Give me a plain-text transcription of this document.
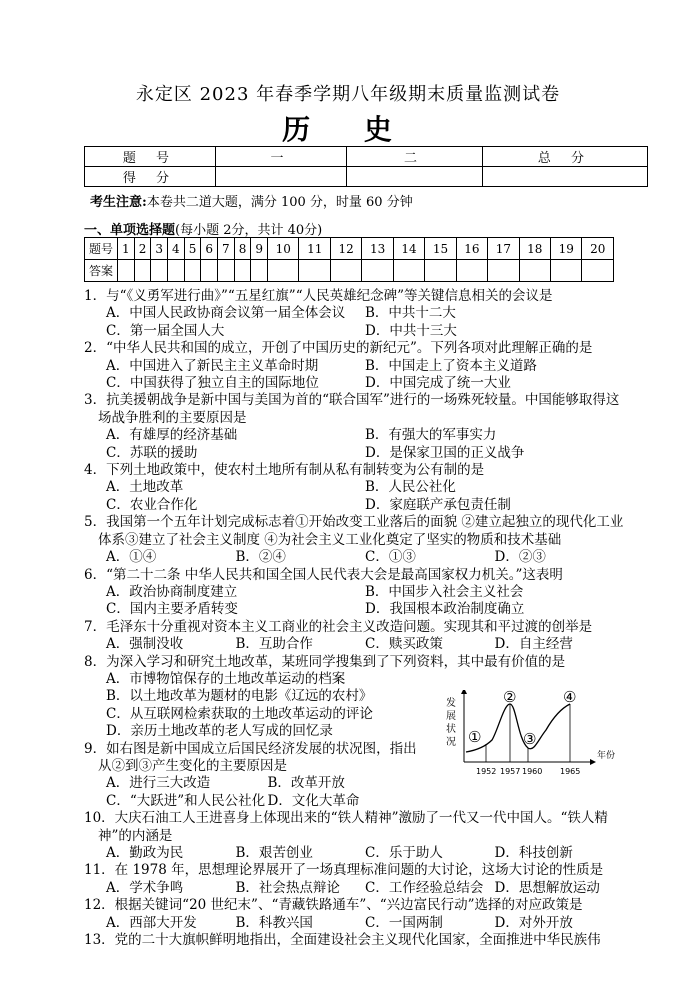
永定区 2023 年春季学期八年级期末质量监测试卷
历 史
题 号	一	二	总 分
得 分			
考生注意:本卷共二道大题，满分 100 分，时量 60 分钟
一、单项选择题(每小题 2分，共计 40分)
题号	1	2	3	4	5	6	7	8	9	10	11	12	13	14	15	16	17	18	19	20
答案																				
1．与“《义勇军进行曲》”“五星红旗”“人民英雄纪念碑”等关键信息相关的会议是
A．中国人民政协商会议第一届全体会议	B．中共十二大
C．第一届全国人大	D．中共十三大
2．“中华人民共和国的成立，开创了中国历史的新纪元”。下列各项对此理解正确的是
A．中国进入了新民主主义革命时期	B．中国走上了资本主义道路
C．中国获得了独立自主的国际地位	D．中国完成了统一大业
3．抗美援朝战争是新中国与美国为首的“联合国军”进行的一场殊死较量。中国能够取得这场战争胜利的主要原因是
A．有雄厚的经济基础	B．有强大的军事实力
C．苏联的援助	D．是保家卫国的正义战争
4．下列土地政策中，使农村土地所有制从私有制转变为公有制的是
A．土地改革	B．人民公社化
C．农业合作化	D．家庭联产承包责任制
5．我国第一个五年计划完成标志着①开始改变工业落后的面貌 ②建立起独立的现代化工业体系③建立了社会主义制度 ④为社会主义工业化奠定了坚实的物质和技术基础
A．①④	B．②④	C．①③	D．②③
6．“第二十二条 中华人民共和国全国人民代表大会是最高国家权力机关。”这表明
A．政治协商制度建立	B．中国步入社会主义社会
C．国内主要矛盾转变	D．我国根本政治制度确立
7．毛泽东十分重视对资本主义工商业的社会主义改造问题。实现其和平过渡的创举是
A．强制没收	B．互助合作	C．赎买政策	D．自主经营
8．为深入学习和研究土地改革，某班同学搜集到了下列资料，其中最有价值的是
A．市博物馆保存的土地改革运动的档案
B．以土地改革为题材的电影《辽远的农村》
C．从互联网检索获取的土地改革运动的评论
D．亲历土地改革的老人写成的回忆录
9．如右图是新中国成立后国民经济发展的状况图，指出从②到③产生变化的主要原因是
A．进行三大改造	B．改革开放
C．“大跃进”和人民公社化 D．文化大革命
10．大庆石油工人王进喜身上体现出来的“铁人精神”激励了一代又一代中国人。“铁人精神”的内涵是
A．勤政为民	B．艰苦创业	C．乐于助人	D．科技创新
11．在 1978 年，思想理论界展开了一场真理标准问题的大讨论，这场大讨论的性质是
A．学术争鸣	B．社会热点辩论	C．工作经验总结会 D．思想解放运动
12．根据关键词“20 世纪末”、“青藏铁路通车”、“兴边富民行动”选择的对应政策是
A．西部大开发	B．科教兴国	C．一国两制	D．对外开放
13．党的二十大旗帜鲜明地指出，全面建设社会主义现代化国家，全面推进中华民族伟
发
展
状
况
年份
1952 1957 1960 1965
①
②
③
④
